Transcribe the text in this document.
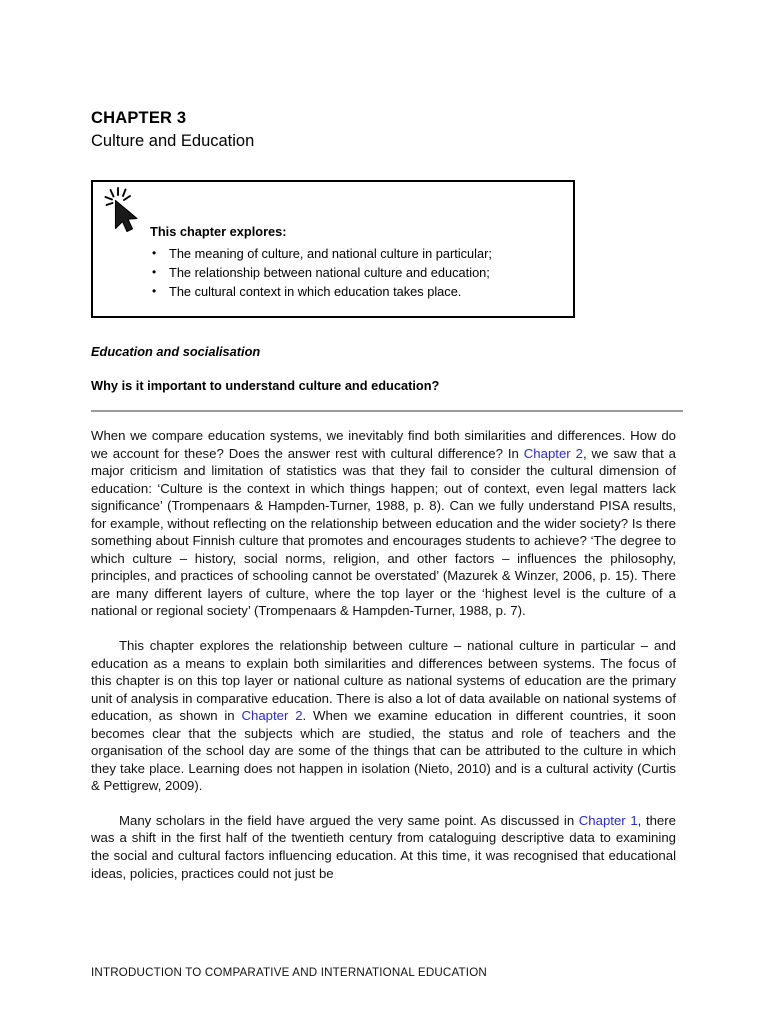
CHAPTER 3
Culture and Education
This chapter explores:
• The meaning of culture, and national culture in particular;
• The relationship between national culture and education;
• The cultural context in which education takes place.
Education and socialisation
Why is it important to understand culture and education?

When we compare education systems, we inevitably find both similarities and differences. How do we account for these? Does the answer rest with cultural difference? In Chapter 2, we saw that a major criticism and limitation of statistics was that they fail to consider the cultural dimension of education: ‘Culture is the context in which things happen; out of context, even legal matters lack significance’ (Trompenaars & Hampden-Turner, 1988, p. 8). Can we fully understand PISA results, for example, without reflecting on the relationship between education and the wider society? Is there something about Finnish culture that promotes and encourages students to achieve? ‘The degree to which culture – history, social norms, religion, and other factors – influences the philosophy, principles, and practices of schooling cannot be overstated’ (Mazurek & Winzer, 2006, p. 15). There are many different layers of culture, where the top layer or the ‘highest level is the culture of a national or regional society’ (Trompenaars & Hampden-Turner, 1988, p. 7).

This chapter explores the relationship between culture – national culture in particular – and education as a means to explain both similarities and differences between systems. The focus of this chapter is on this top layer or national culture as national systems of education are the primary unit of analysis in comparative education. There is also a lot of data available on national systems of education, as shown in Chapter 2. When we examine education in different countries, it soon becomes clear that the subjects which are studied, the status and role of teachers and the organisation of the school day are some of the things that can be attributed to the culture in which they take place. Learning does not happen in isolation (Nieto, 2010) and is a cultural activity (Curtis & Pettigrew, 2009).

Many scholars in the field have argued the very same point. As discussed in Chapter 1, there was a shift in the first half of the twentieth century from cataloguing descriptive data to examining the social and cultural factors influencing education. At this time, it was recognised that educational ideas, policies, practices could not just be

INTRODUCTION TO COMPARATIVE AND INTERNATIONAL EDUCATION
